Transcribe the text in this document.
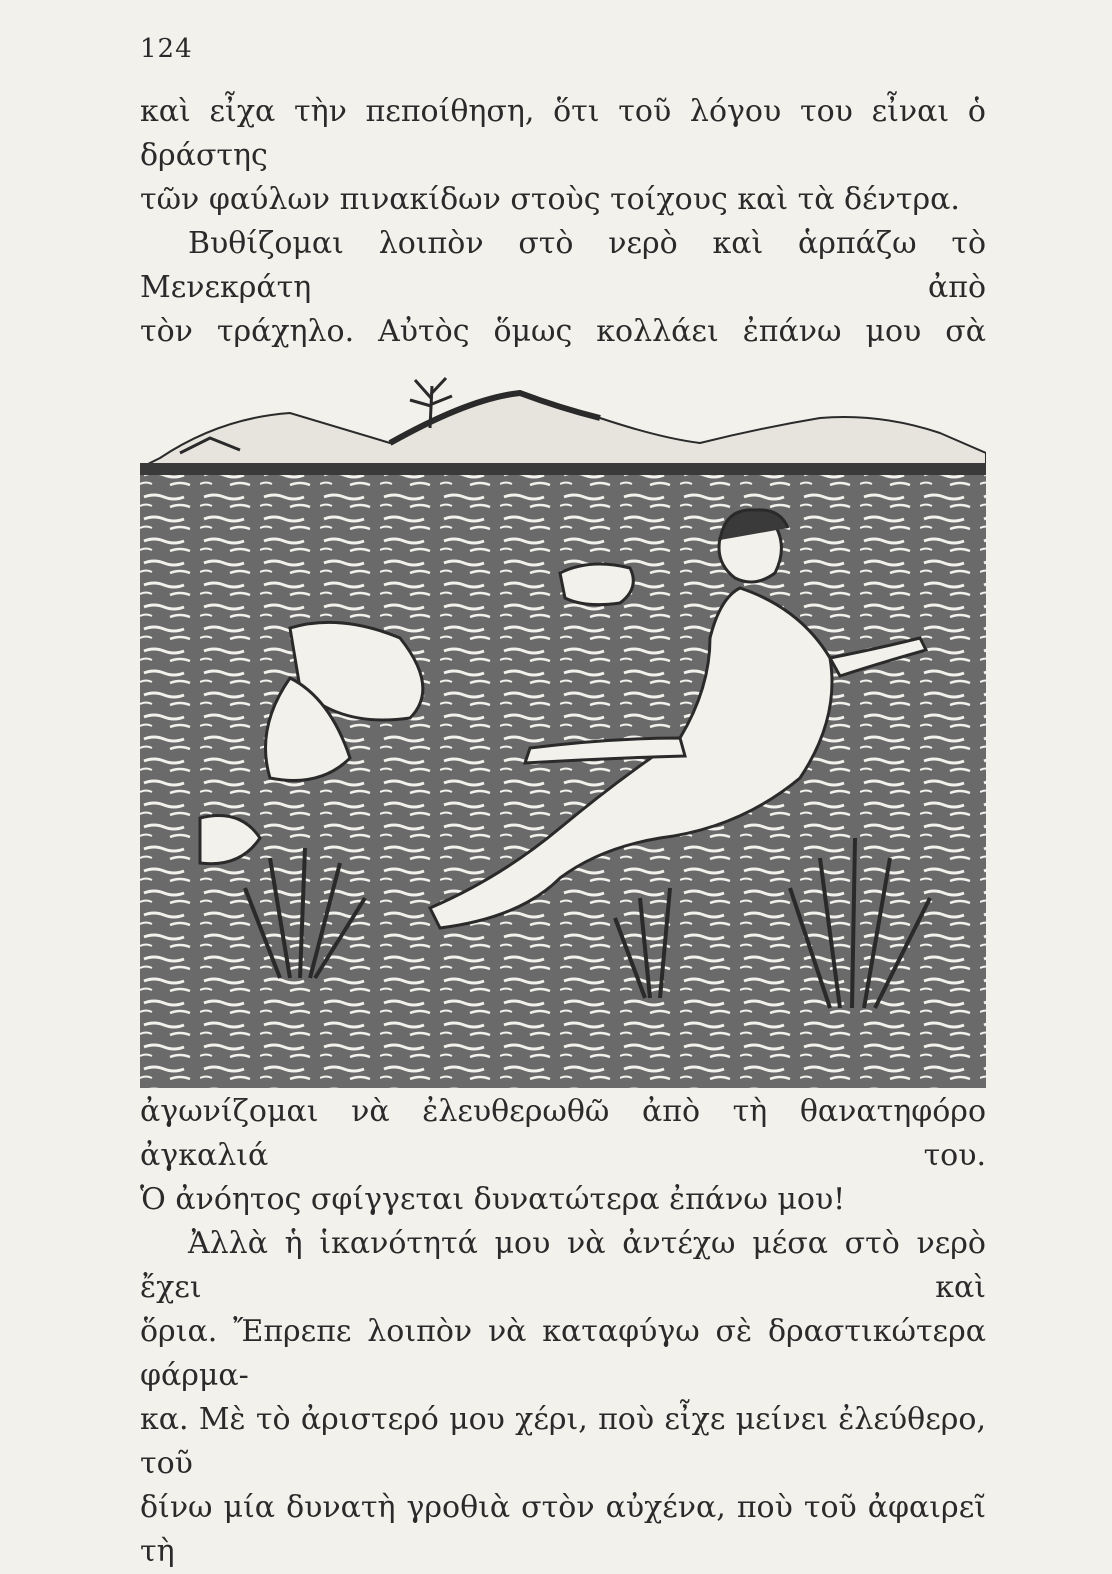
124

καὶ εἶχα τὴν πεποίθηση, ὅτι τοῦ λόγου του εἶναι ὁ δράστης

τῶν φαύλων πινακίδων στοὺς τοίχους καὶ τὰ δέντρα.

Βυθίζομαι λοιπὸν στὸ νερὸ καὶ ἁρπάζω τὸ Μενεκράτη ἀπὸ

τὸν τράχηλο. Αὐτὸς ὅμως κολλάει ἐπάνω μου σὰ

ἀγωνίζομαι νὰ ἐλευθερωθῶ ἀπὸ τὴ θανατηφόρο ἀγκαλιά του.

Ὁ ἀνόητος σφίγγεται δυνατώτερα ἐπάνω μου!

Ἀλλὰ ἡ ἱκανότητά μου νὰ ἀντέχω μέσα στὸ νερὸ ἔχει καὶ

ὅρια. Ἔπρεπε λοιπὸν νὰ καταφύγω σὲ δραστικώτερα φάρμα-

κα. Μὲ τὸ ἀριστερό μου χέρι, ποὺ εἶχε μείνει ἐλεύθερο, τοῦ

δίνω μία δυνατὴ γροθιὰ στὸν αὐχένα, ποὺ τοῦ ἀφαιρεῖ τὴ
